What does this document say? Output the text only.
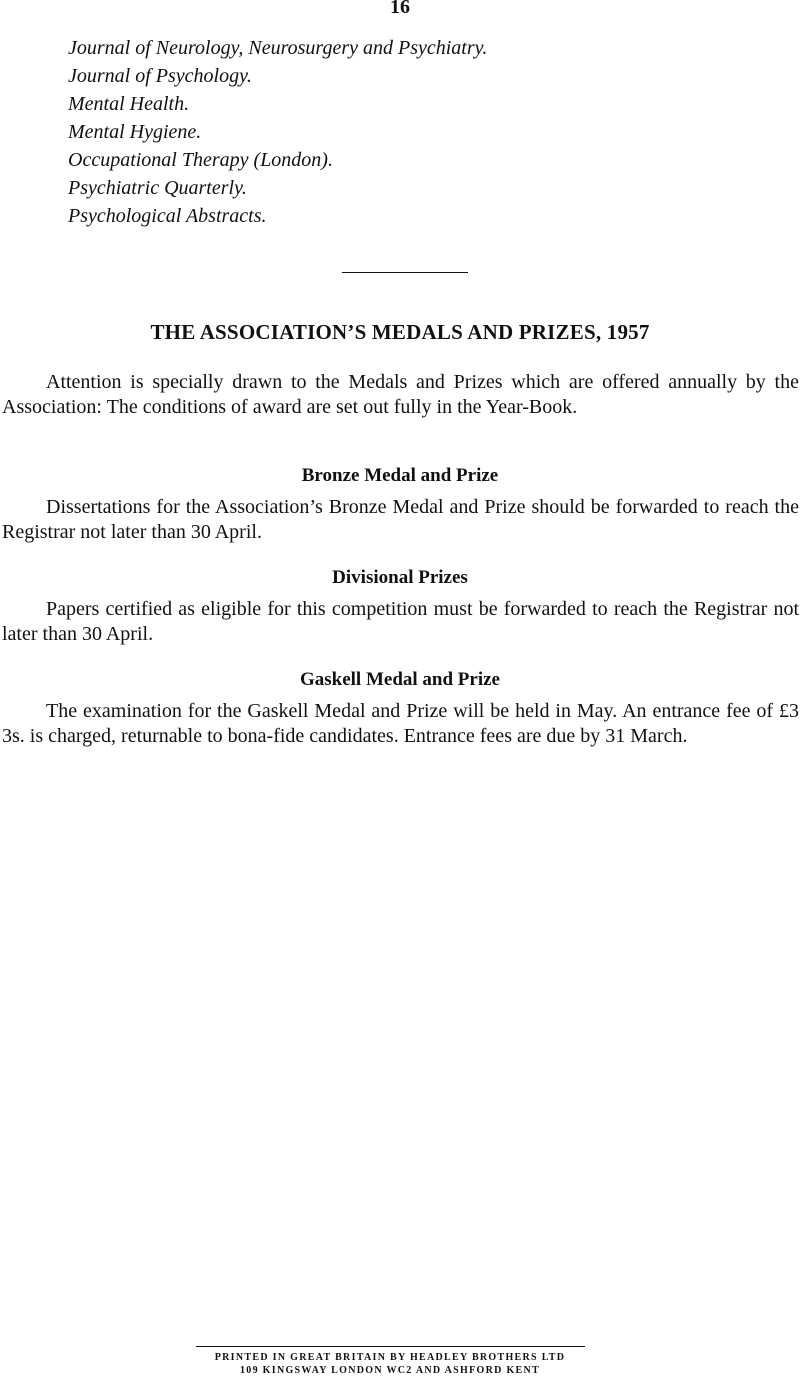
16
Journal of Neurology, Neurosurgery and Psychiatry.
Journal of Psychology.
Mental Health.
Mental Hygiene.
Occupational Therapy (London).
Psychiatric Quarterly.
Psychological Abstracts.
THE ASSOCIATION’S MEDALS AND PRIZES, 1957

Attention is specially drawn to the Medals and Prizes which are offered annually by the Association: The conditions of award are set out fully in the Year-Book.

Bronze Medal and Prize

Dissertations for the Association’s Bronze Medal and Prize should be forwarded to reach the Registrar not later than 30 April.

Divisional Prizes

Papers certified as eligible for this competition must be forwarded to reach the Registrar not later than 30 April.

Gaskell Medal and Prize

The examination for the Gaskell Medal and Prize will be held in May. An entrance fee of £3 3s. is charged, returnable to bona-fide candidates. Entrance fees are due by 31 March.

PRINTED IN GREAT BRITAIN BY HEADLEY BROTHERS LTD

109 KINGSWAY LONDON WC2 AND ASHFORD KENT
